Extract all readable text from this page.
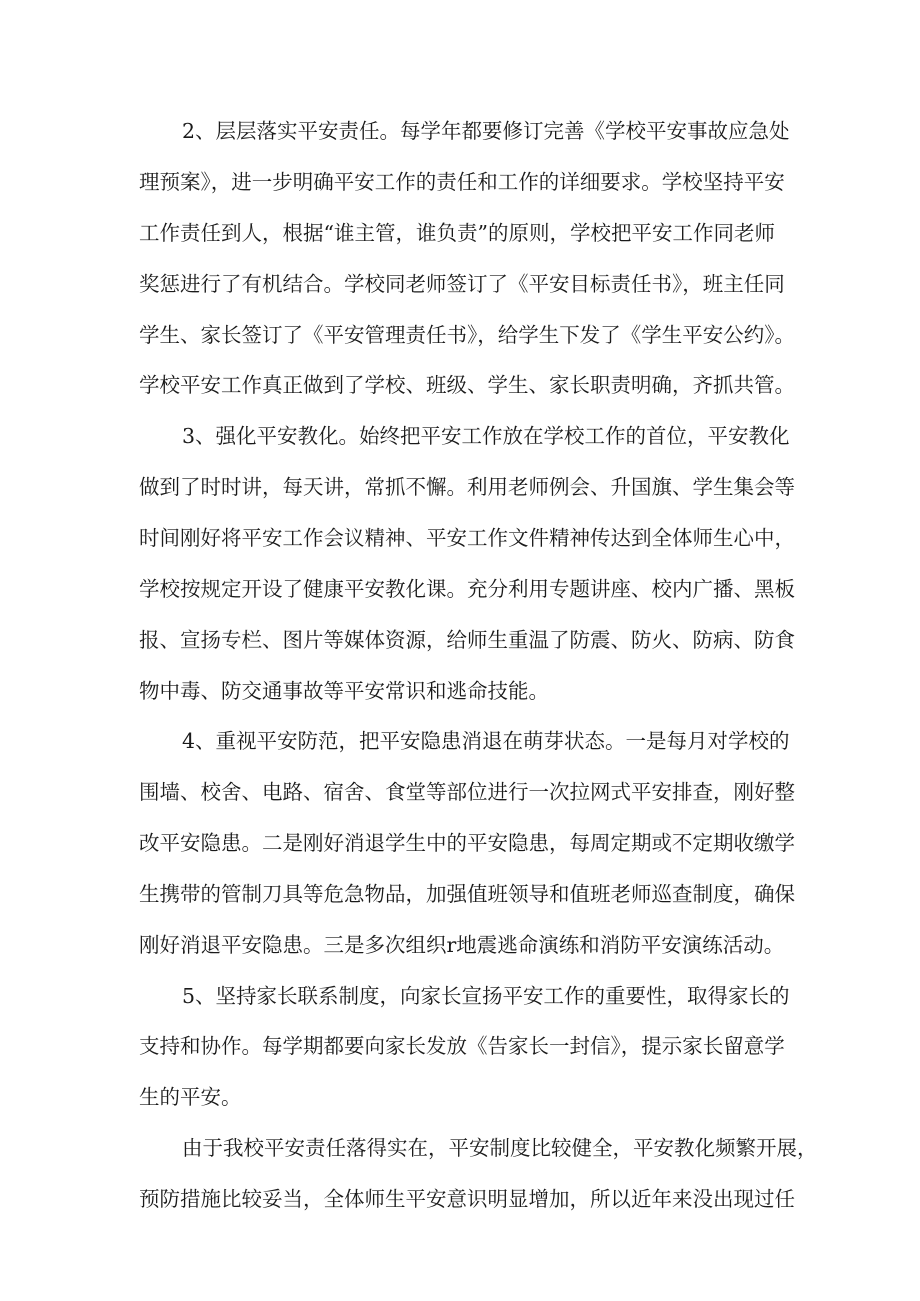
2、层层落实平安责任。每学年都要修订完善《学校平安事故应急处
理预案》，进一步明确平安工作的责任和工作的详细要求。学校坚持平安
工作责任到人，根据“谁主管，谁负责”的原则，学校把平安工作同老师
奖惩进行了有机结合。学校同老师签订了《平安目标责任书》，班主任同
学生、家长签订了《平安管理责任书》，给学生下发了《学生平安公约》。
学校平安工作真正做到了学校、班级、学生、家长职责明确，齐抓共管。
3、强化平安教化。始终把平安工作放在学校工作的首位，平安教化
做到了时时讲，每天讲，常抓不懈。利用老师例会、升国旗、学生集会等
时间刚好将平安工作会议精神、平安工作文件精神传达到全体师生心中，
学校按规定开设了健康平安教化课。充分利用专题讲座、校内广播、黑板
报、宣扬专栏、图片等媒体资源，给师生重温了防震、防火、防病、防食
物中毒、防交通事故等平安常识和逃命技能。
4、重视平安防范，把平安隐患消退在萌芽状态。一是每月对学校的
围墙、校舍、电路、宿舍、食堂等部位进行一次拉网式平安排查，刚好整
改平安隐患。二是刚好消退学生中的平安隐患，每周定期或不定期收缴学
生携带的管制刀具等危急物品，加强值班领导和值班老师巡查制度，确保
刚好消退平安隐患。三是多次组织r地震逃命演练和消防平安演练活动。
5、坚持家长联系制度，向家长宣扬平安工作的重要性，取得家长的
支持和协作。每学期都要向家长发放《告家长一封信》，提示家长留意学
生的平安。
由于我校平安责任落得实在，平安制度比较健全，平安教化频繁开展，
预防措施比较妥当，全体师生平安意识明显增加，所以近年来没出现过任
